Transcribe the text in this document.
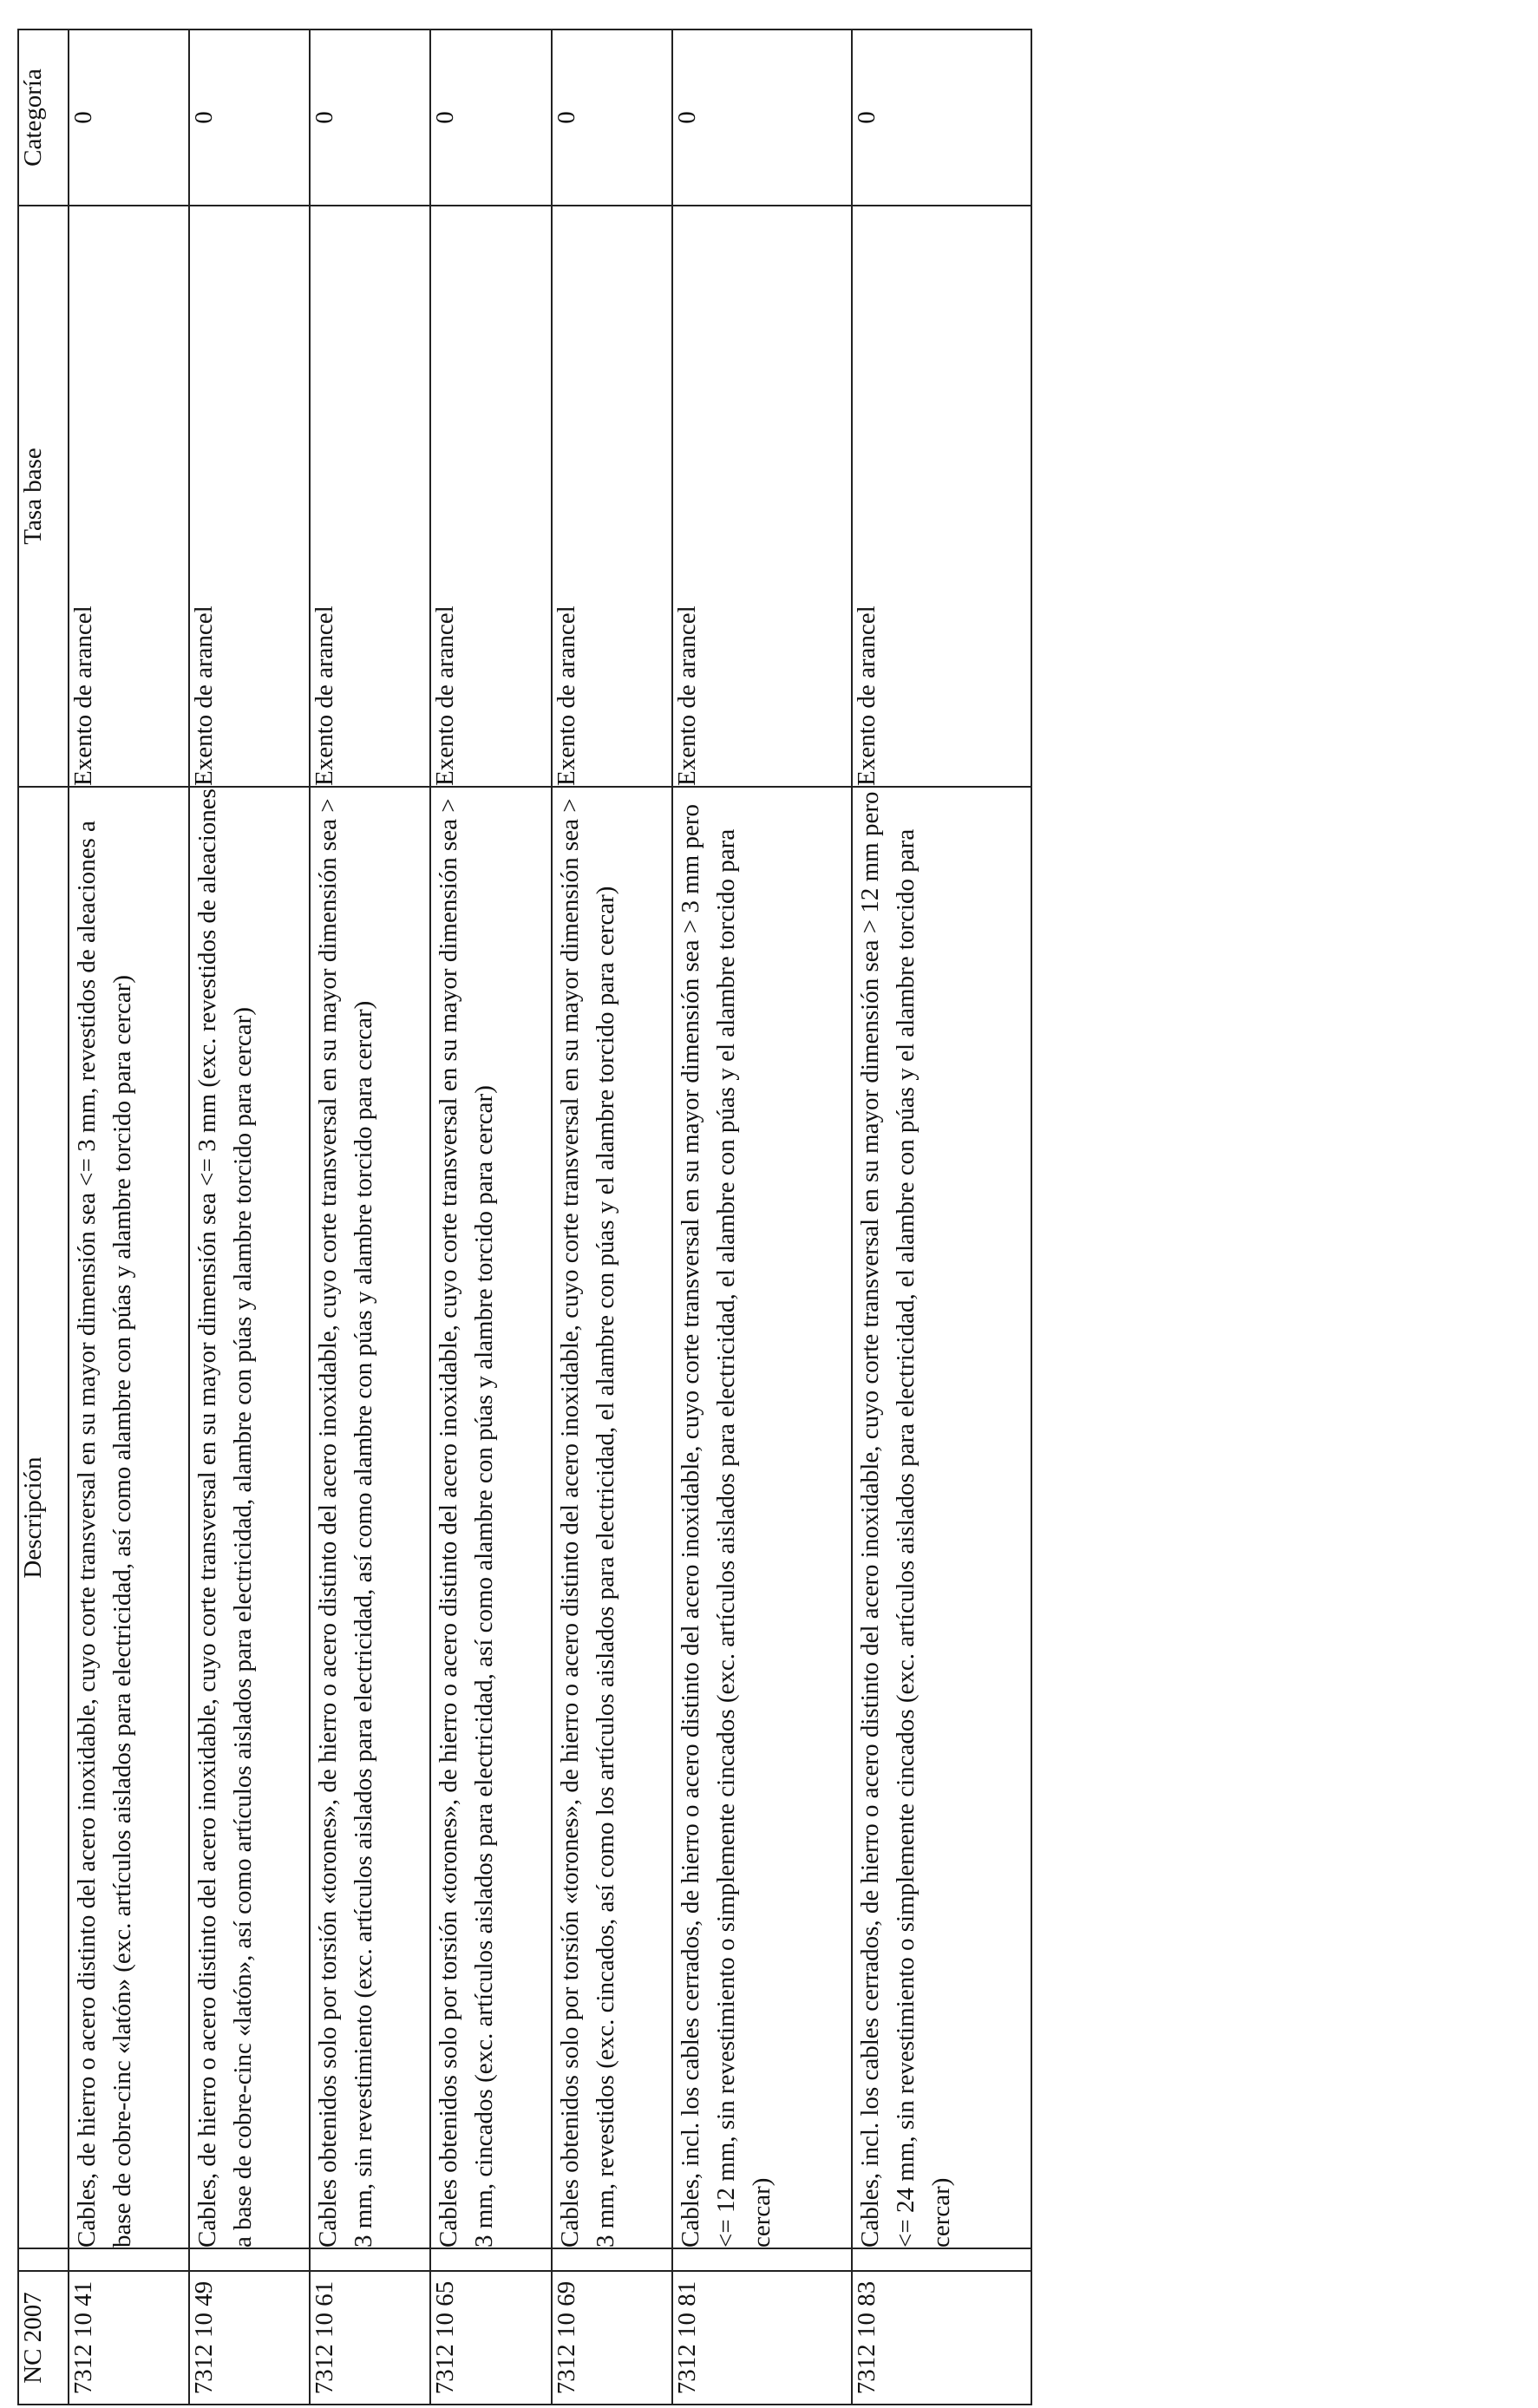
NC 2007		Descripción	Tasa base	Categoría
7312 10 41		Cables, de hierro o acero distinto del acero inoxidable, cuyo corte transversal en su mayor dimensión sea <= 3 mm, revestidos de aleaciones a base de cobre-cinc «latón» (exc. artículos aislados para electricidad, así como alambre con púas y alambre torcido para cercar)	Exento de arancel	0
7312 10 49		Cables, de hierro o acero distinto del acero inoxidable, cuyo corte transversal en su mayor dimensión sea <= 3 mm (exc. revestidos de aleaciones a base de cobre-cinc «latón», así como artículos aislados para electricidad, alambre con púas y alambre torcido para cercar)	Exento de arancel	0
7312 10 61		Cables obtenidos solo por torsión «torones», de hierro o acero distinto del acero inoxidable, cuyo corte transversal en su mayor dimensión sea > 3 mm, sin revestimiento (exc. artículos aislados para electricidad, así como alambre con púas y alambre torcido para cercar)	Exento de arancel	0
7312 10 65		Cables obtenidos solo por torsión «torones», de hierro o acero distinto del acero inoxidable, cuyo corte transversal en su mayor dimensión sea > 3 mm, cincados (exc. artículos aislados para electricidad, así como alambre con púas y alambre torcido para cercar)	Exento de arancel	0
7312 10 69		Cables obtenidos solo por torsión «torones», de hierro o acero distinto del acero inoxidable, cuyo corte transversal en su mayor dimensión sea > 3 mm, revestidos (exc. cincados, así como los artículos aislados para electricidad, el alambre con púas y el alambre torcido para cercar)	Exento de arancel	0
7312 10 81		Cables, incl. los cables cerrados, de hierro o acero distinto del acero inoxidable, cuyo corte transversal en su mayor dimensión sea > 3 mm pero <= 12 mm, sin revestimiento o simplemente cincados (exc. artículos aislados para electricidad, el alambre con púas y el alambre torcido para cercar)	Exento de arancel	0
7312 10 83		Cables, incl. los cables cerrados, de hierro o acero distinto del acero inoxidable, cuyo corte transversal en su mayor dimensión sea > 12 mm pero <= 24 mm, sin revestimiento o simplemente cincados (exc. artículos aislados para electricidad, el alambre con púas y el alambre torcido para cercar)	Exento de arancel	0
